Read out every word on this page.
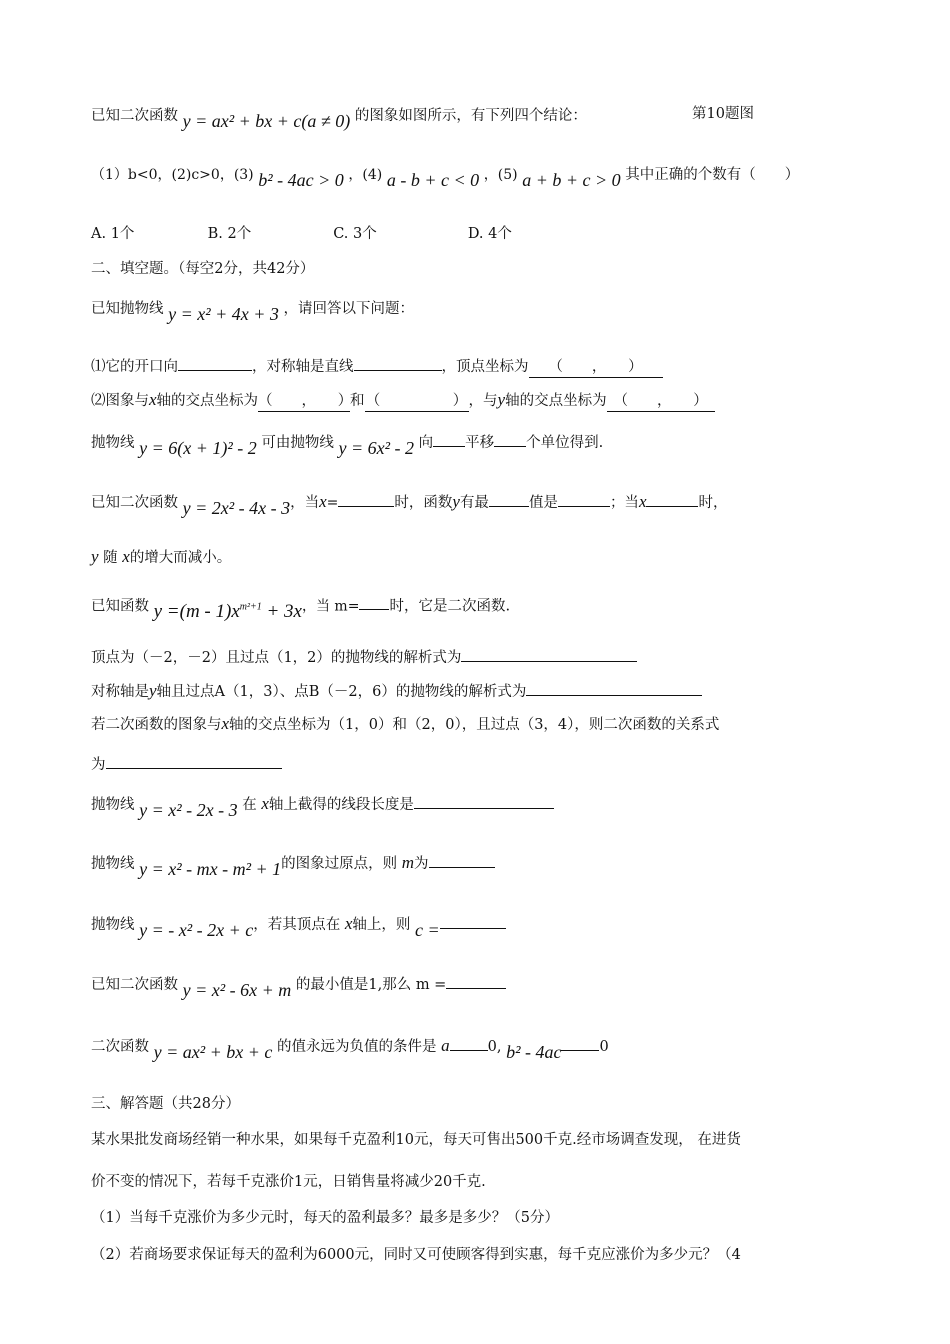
已知二次函数 y = ax² + bx + c(a ≠ 0) 的图象如图所示，有下列四个结论：	第10题图
（1）b<0，(2)c>0，(3) b² - 4ac > 0 ，(4) a - b + c < 0 ，(5) a + b + c > 0 其中正确的个数有（　　）
A. 1个	B. 2个	C. 3个	D. 4个
二、填空题。（每空2分，共42分）
已知抛物线 y = x² + 4x + 3 ，请回答以下问题：
⑴它的开口向	，对称轴是直线	，顶点坐标为 （　　，　　）
⑵图象与x轴的交点坐标为（　　，　　）和（　　　　　），与y轴的交点坐标为 （　　，　　）
抛物线 y = 6(x + 1)² - 2 可由抛物线 y = 6x² - 2 向 平移 个单位得到.
已知二次函数 y = 2x² - 4x - 3，当x=	时，函数y有最	值是	；当x	时，
y 随 x的增大而减小。
已知函数 $y =(m - 1)x^{m^2+1} + 3x$，当 m= 时，它是二次函数.
顶点为（－2，－2）且过点（1，2）的抛物线的解析式为
对称轴是y轴且过点A（1，3）、点B（－2，6）的抛物线的解析式为
若二次函数的图象与x轴的交点坐标为（1，0）和（2，0），且过点（3，4），则二次函数的关系式
为
抛物线 y = x² - 2x - 3 在 x轴上截得的线段长度是
抛物线 y = x² - mx - m² + 1的图象过原点，则 m为
抛物线 y = - x² - 2x + c，若其顶点在 x轴上，则 c =
已知二次函数 y = x² - 6x + m 的最小值是1,那么 m =
二次函数 y = ax² + bx + c 的值永远为负值的条件是 a	0, b² - 4ac	0
三、解答题（共28分）
某水果批发商场经销一种水果，如果每千克盈利10元，每天可售出500千克.经市场调查发现， 在进货
价不变的情况下，若每千克涨价1元，日销售量将减少20千克.
（1）当每千克涨价为多少元时，每天的盈利最多？最多是多少？（5分）
（2）若商场要求保证每天的盈利为6000元，同时又可使顾客得到实惠，每千克应涨价为多少元？（4
